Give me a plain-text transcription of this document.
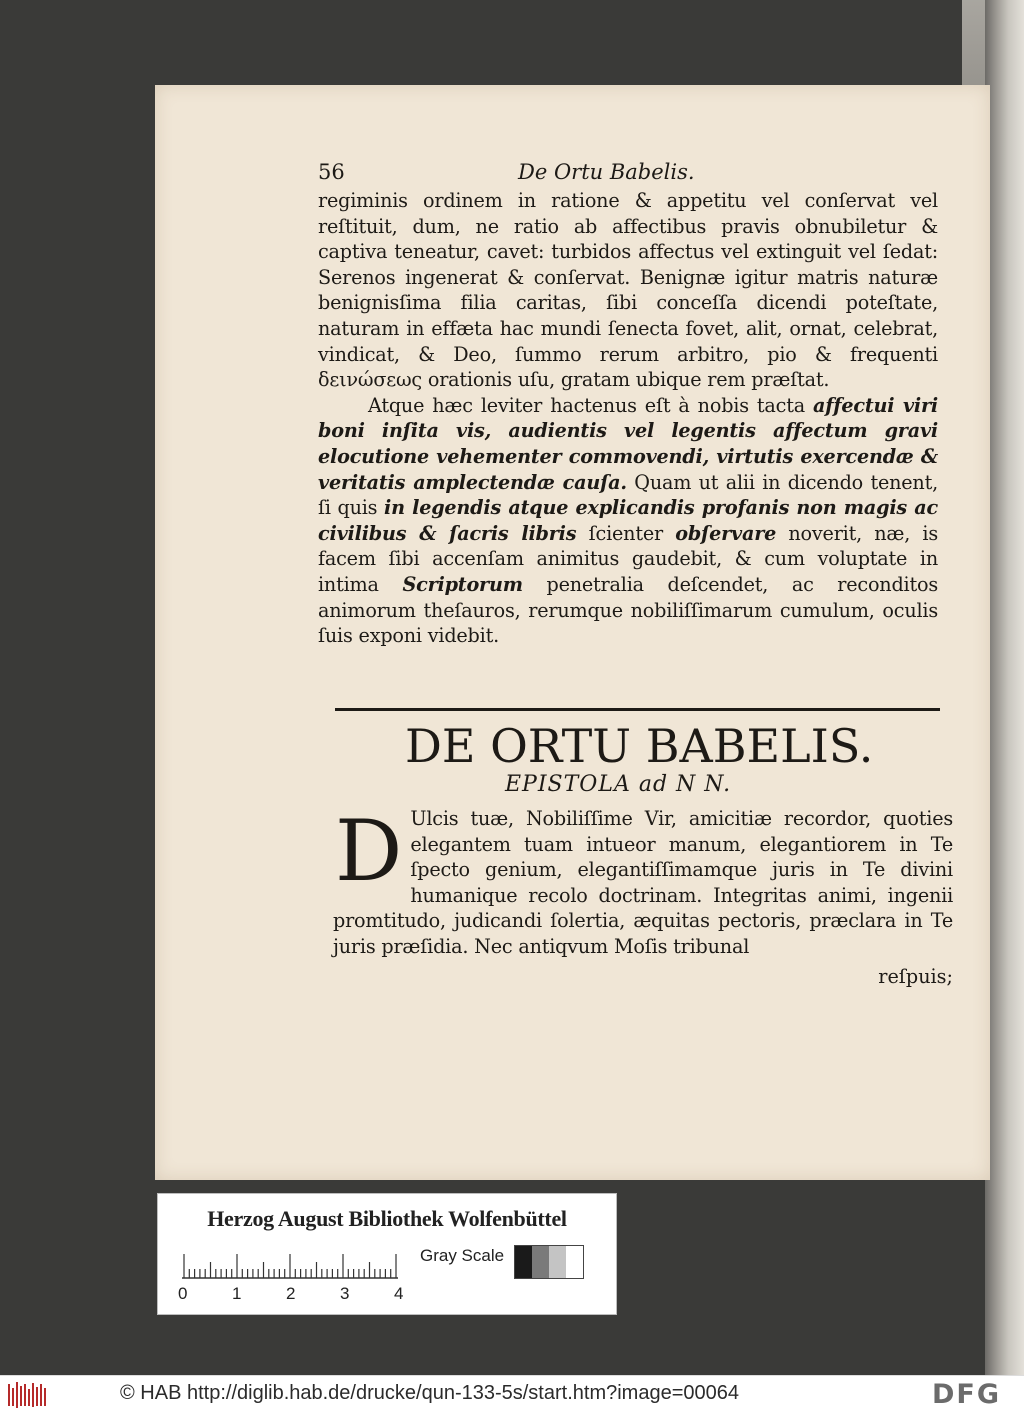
56	De Ortu Babelis.

regiminis ordinem in ratione & appetitu vel conſervat vel reſtituit, dum, ne ratio ab affectibus pravis obnubiletur & captiva teneatur, cavet: turbidos affectus vel extinguit vel ſedat: Serenos ingenerat & conſervat. Benignæ igitur matris naturæ benignisſima filia caritas, ſibi conceſſa dicendi poteſtate, naturam in effæta hac mundi ſenecta fovet, alit, ornat, celebrat, vindicat, & Deo, ſummo rerum arbitro, pio & frequenti δεινώσεως orationis uſu, gratam ubique rem præſtat.

Atque hæc leviter hactenus eſt à nobis tacta affectui viri boni inſita vis, audientis vel legentis affectum gravi elocutione vehementer commovendi, virtutis exercendæ & veritatis amplectendæ cauſa. Quam ut alii in dicendo tenent, ſi quis in legendis atque explicandis profanis non magis ac civilibus & ſacris libris ſcienter obſervare noverit, næ, is facem ſibi accenſam animitus gaudebit, & cum voluptate in intima Scriptorum penetralia deſcendet, ac reconditos animorum theſauros, rerumque nobiliſſimarum cumulum, oculis ſuis exponi videbit.

DE ORTU BABELIS.
EPISTOLA ad N N.
D Ulcis tuæ, Nobiliſſime Vir, amicitiæ recordor, quoties elegantem tuam intueor manum, elegantiorem in Te ſpecto genium, elegantiſſimamque juris in Te divini humanique recolo doctrinam. Integritas animi, ingenii promtitudo, judicandi ſolertia, æquitas pectoris, præclara in Te juris præſidia. Nec antiqvum Moſis tribunal

reſpuis;
Herzog August Bibliothek Wolfenbüttel
0	1	2	3	4
Gray Scale
© HAB http://diglib.hab.de/drucke/qun-133-5s/start.htm?image=00064	DFG
